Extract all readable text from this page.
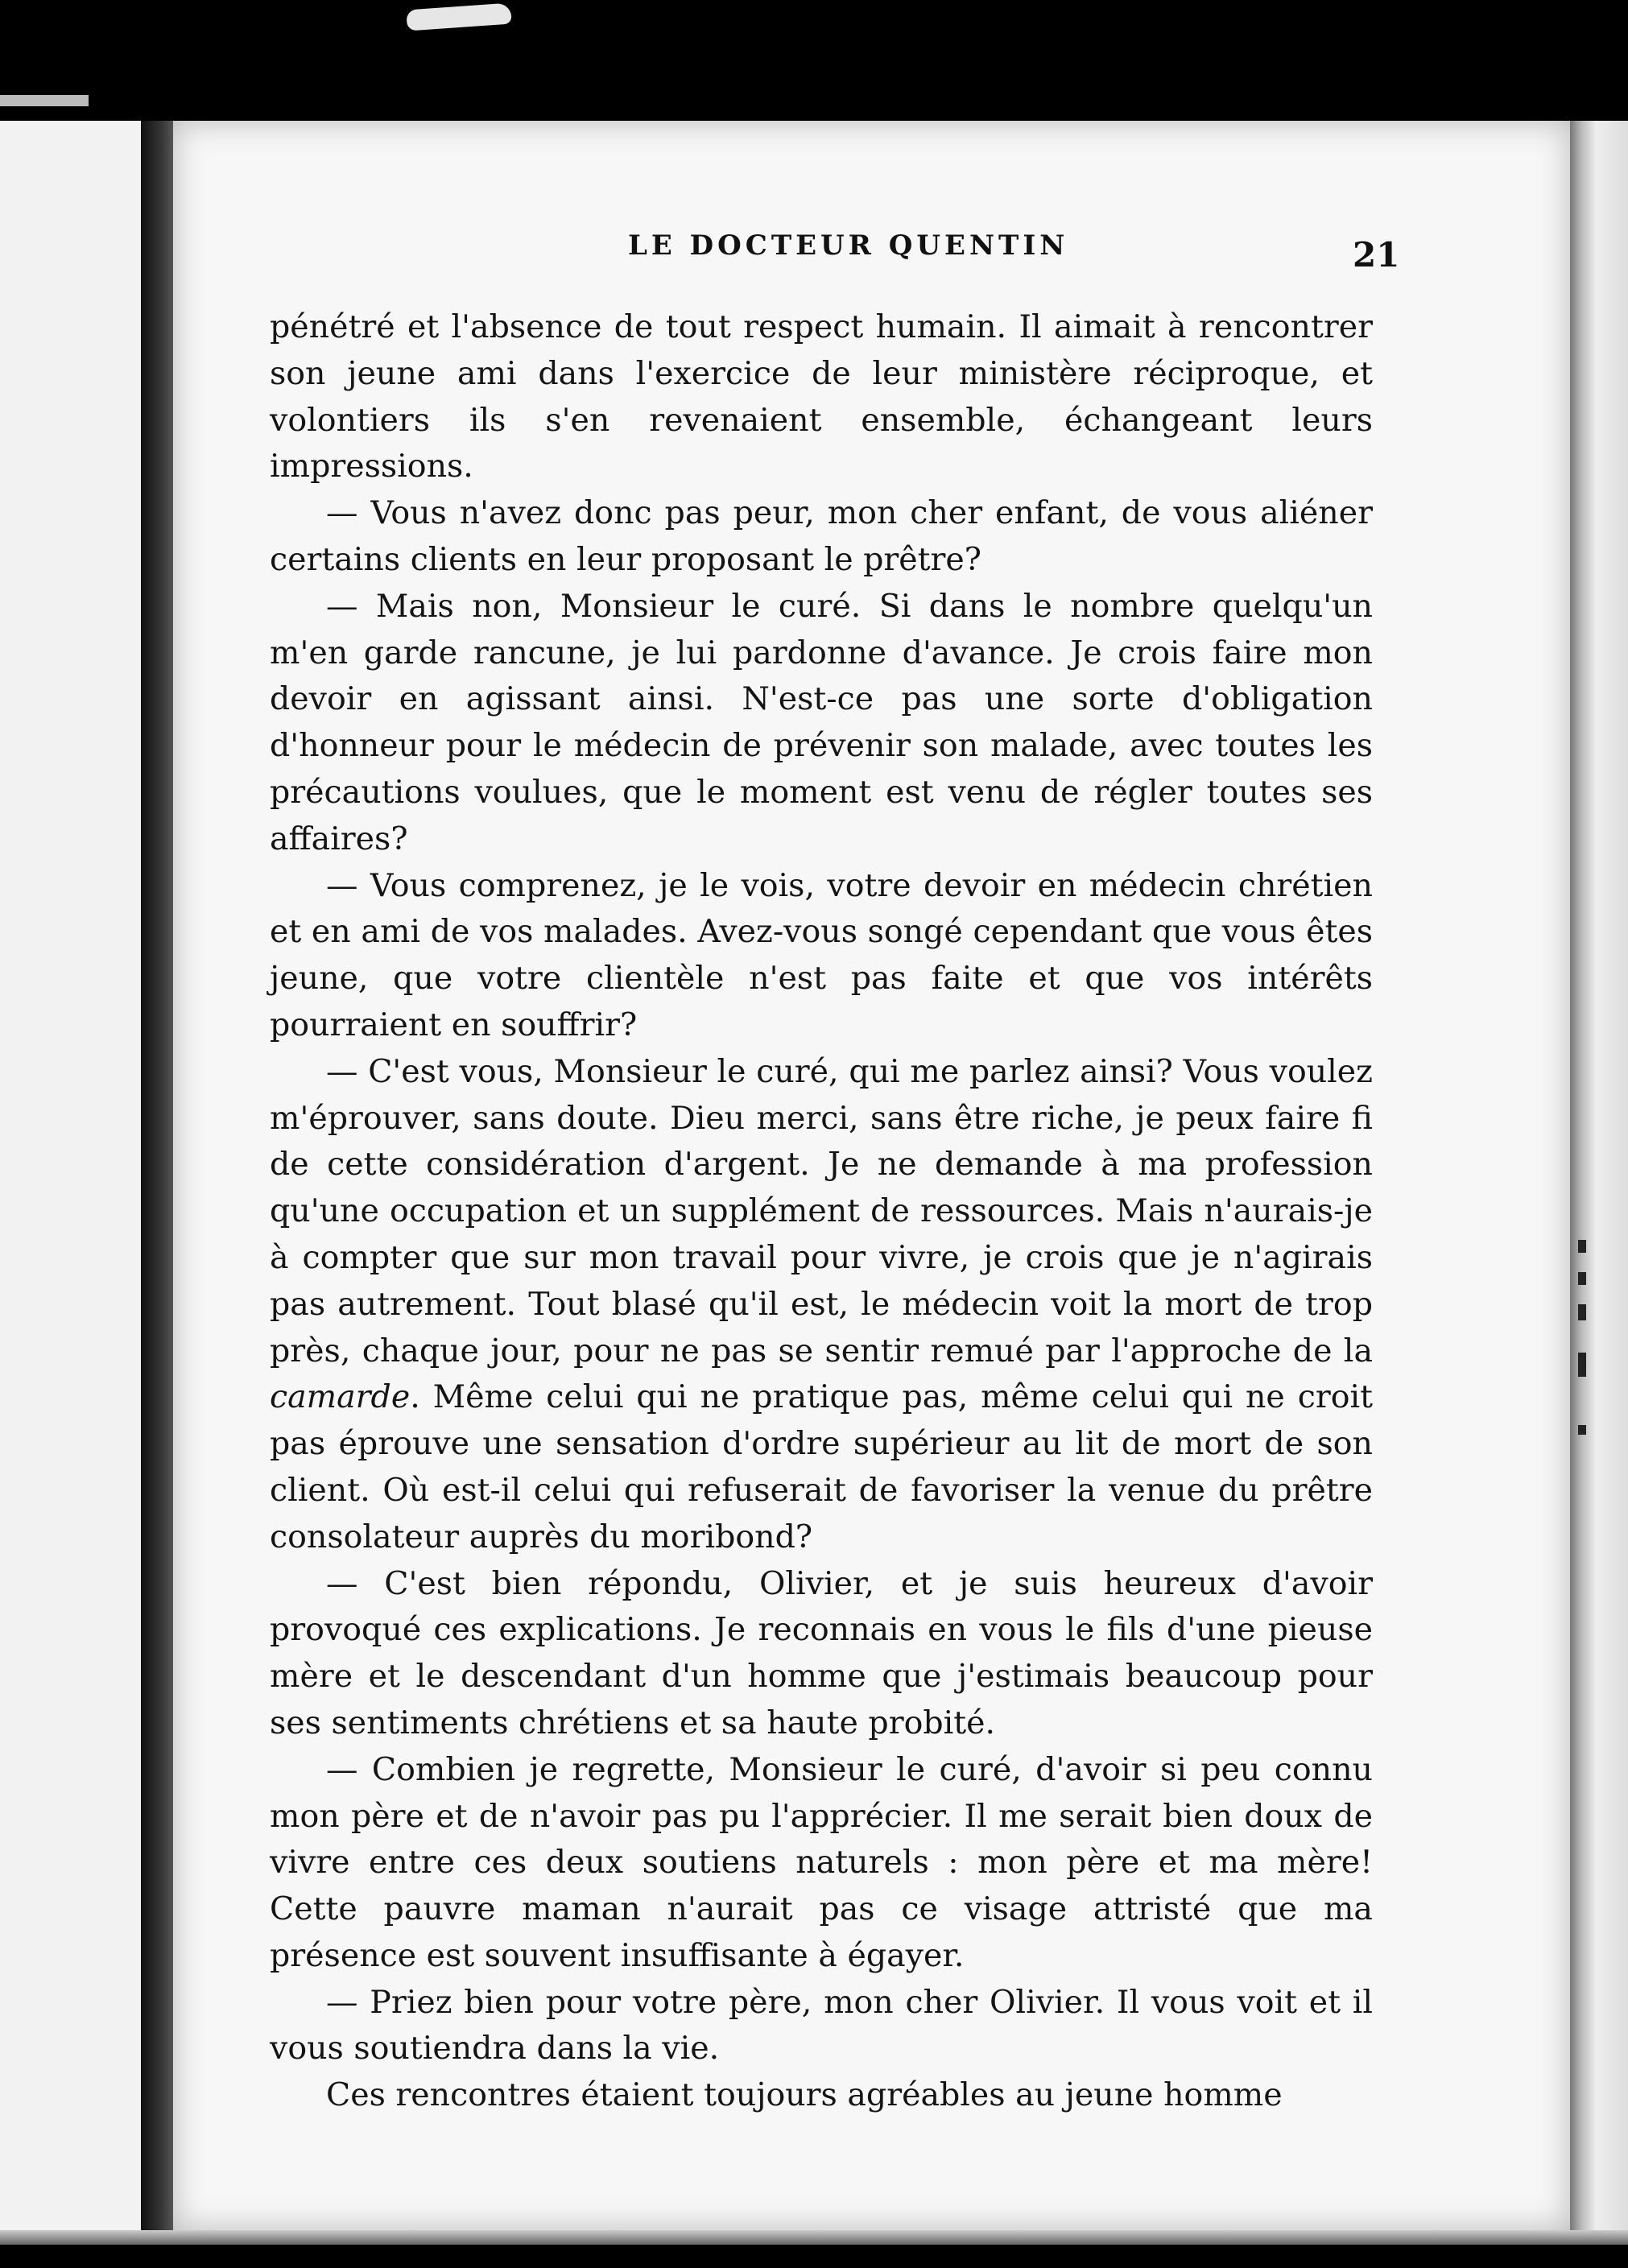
LE DOCTEUR QUENTIN	21

pénétré et l'absence de tout respect humain. Il aimait à rencontrer son jeune ami dans l'exercice de leur ministère réciproque, et volontiers ils s'en revenaient ensemble, échangeant leurs impressions.

— Vous n'avez donc pas peur, mon cher enfant, de vous aliéner certains clients en leur proposant le prêtre?

— Mais non, Monsieur le curé. Si dans le nombre quelqu'un m'en garde rancune, je lui pardonne d'avance. Je crois faire mon devoir en agissant ainsi. N'est-ce pas une sorte d'obligation d'honneur pour le médecin de prévenir son malade, avec toutes les précautions voulues, que le moment est venu de régler toutes ses affaires?

— Vous comprenez, je le vois, votre devoir en médecin chrétien et en ami de vos malades. Avez-vous songé cependant que vous êtes jeune, que votre clientèle n'est pas faite et que vos intérêts pourraient en souffrir?

— C'est vous, Monsieur le curé, qui me parlez ainsi? Vous voulez m'éprouver, sans doute. Dieu merci, sans être riche, je peux faire fi de cette considération d'argent. Je ne demande à ma profession qu'une occupation et un supplément de ressources. Mais n'aurais-je à compter que sur mon travail pour vivre, je crois que je n'agirais pas autrement. Tout blasé qu'il est, le médecin voit la mort de trop près, chaque jour, pour ne pas se sentir remué par l'approche de la camarde. Même celui qui ne pratique pas, même celui qui ne croit pas éprouve une sensation d'ordre supérieur au lit de mort de son client. Où est-il celui qui refuserait de favoriser la venue du prêtre consolateur auprès du moribond?

— C'est bien répondu, Olivier, et je suis heureux d'avoir provoqué ces explications. Je reconnais en vous le fils d'une pieuse mère et le descendant d'un homme que j'estimais beaucoup pour ses sentiments chrétiens et sa haute probité.

— Combien je regrette, Monsieur le curé, d'avoir si peu connu mon père et de n'avoir pas pu l'apprécier. Il me serait bien doux de vivre entre ces deux soutiens naturels : mon père et ma mère! Cette pauvre maman n'aurait pas ce visage attristé que ma présence est souvent insuffisante à égayer.

— Priez bien pour votre père, mon cher Olivier. Il vous voit et il vous soutiendra dans la vie.

Ces rencontres étaient toujours agréables au jeune homme
